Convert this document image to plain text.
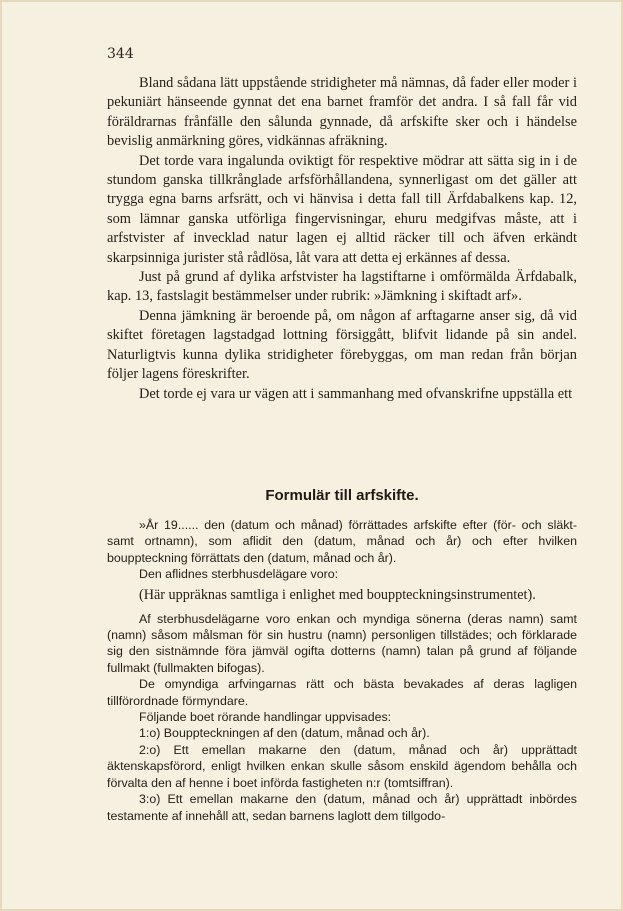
344

Bland sådana lätt uppstående stridigheter må nämnas, då fader eller moder i pekuniärt hänseende gynnat det ena barnet framför det andra. I så fall får vid föräldrarnas frånfälle den sålunda gynnade, då arfskifte sker och i händelse bevislig anmärkning göres, vidkännas afräkning.

Det torde vara ingalunda oviktigt för respektive mödrar att sätta sig in i de stundom ganska tillkrånglade arfsförhållandena, synnerligast om det gäller att trygga egna barns arfsrätt, och vi hänvisa i detta fall till Ärfdabalkens kap. 12, som lämnar ganska utförliga fingervisningar, ehuru medgifvas måste, att i arfstvister af invecklad natur lagen ej alltid räcker till och äfven erkändt skarpsinniga jurister stå rådlösa, låt vara att detta ej erkännes af dessa.

Just på grund af dylika arfstvister ha lagstiftarne i omförmälda Ärfdabalk, kap. 13, fastslagit bestämmelser under rubrik: »Jämkning i skiftadt arf».

Denna jämkning är beroende på, om någon af arftagarne anser sig, då vid skiftet företagen lagstadgad lottning försiggått, blifvit lidande på sin andel. Naturligtvis kunna dylika stridigheter förebyggas, om man redan från början följer lagens föreskrifter.

Det torde ej vara ur vägen att i sammanhang med ofvanskrifne uppställa ett

Formulär till arfskifte.

»År 19...... den (datum och månad) förrättades arfskifte efter (för- och släkt- samt ortnamn), som aflidit den (datum, månad och år) och efter hvilken bouppteckning förrättats den (datum, månad och år).

Den aflidnes sterbhusdelägare voro:

(Här uppräknas samtliga i enlighet med bouppteckningsinstrumentet).

Af sterbhusdelägarne voro enkan och myndiga sönerna (deras namn) samt (namn) såsom målsman för sin hustru (namn) personligen tillstädes; och förklarade sig den sistnämnde föra jämväl ogifta dotterns (namn) talan på grund af följande fullmakt (fullmakten bifogas).

De omyndiga arfvingarnas rätt och bästa bevakades af deras lagligen tillförordnade förmyndare.

Följande boet rörande handlingar uppvisades:

1:o) Bouppteckningen af den (datum, månad och år).

2:o) Ett emellan makarne den (datum, månad och år) upprättadt äktenskapsförord, enligt hvilken enkan skulle såsom enskild ägendom behålla och förvalta den af henne i boet införda fastigheten n:r (tomtsiffran).

3:o) Ett emellan makarne den (datum, månad och år) upprättadt inbördes testamente af innehåll att, sedan barnens laglott dem tillgodo-
